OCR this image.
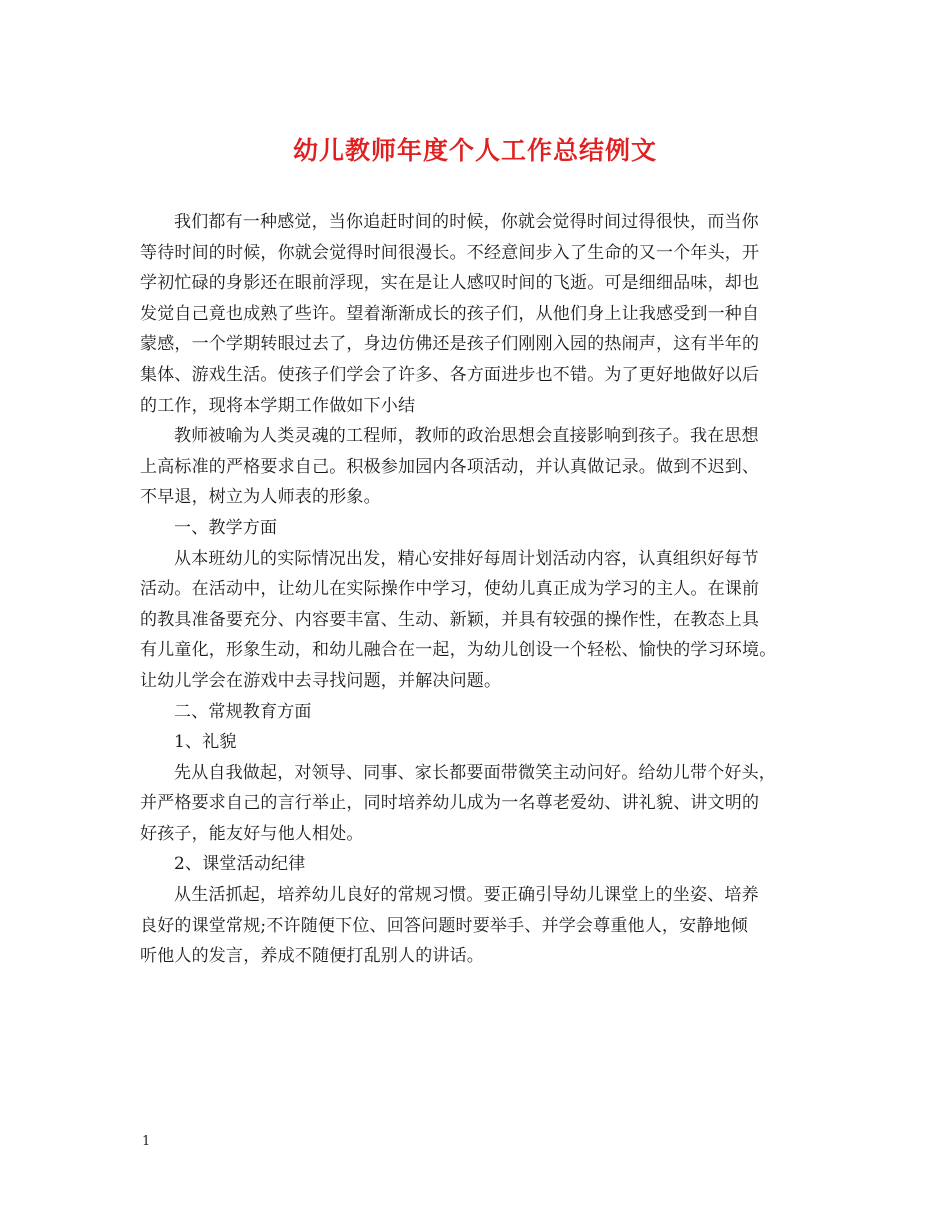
幼儿教师年度个人工作总结例文

我们都有一种感觉，当你追赶时间的时候，你就会觉得时间过得很快，而当你
等待时间的时候，你就会觉得时间很漫长。不经意间步入了生命的又一个年头，开
学初忙碌的身影还在眼前浮现，实在是让人感叹时间的飞逝。可是细细品味，却也
发觉自己竟也成熟了些许。望着渐渐成长的孩子们，从他们身上让我感受到一种自
蒙感，一个学期转眼过去了，身边仿佛还是孩子们刚刚入园的热闹声，这有半年的
集体、游戏生活。使孩子们学会了许多、各方面进步也不错。为了更好地做好以后
的工作，现将本学期工作做如下小结

教师被喻为人类灵魂的工程师，教师的政治思想会直接影响到孩子。我在思想
上高标准的严格要求自己。积极参加园内各项活动，并认真做记录。做到不迟到、
不早退，树立为人师表的形象。

一、教学方面

从本班幼儿的实际情况出发，精心安排好每周计划活动内容，认真组织好每节
活动。在活动中，让幼儿在实际操作中学习，使幼儿真正成为学习的主人。在课前
的教具准备要充分、内容要丰富、生动、新颖，并具有较强的操作性，在教态上具
有儿童化，形象生动，和幼儿融合在一起，为幼儿创设一个轻松、愉快的学习环境。
让幼儿学会在游戏中去寻找问题，并解决问题。

二、常规教育方面

1、礼貌

先从自我做起，对领导、同事、家长都要面带微笑主动问好。给幼儿带个好头，
并严格要求自己的言行举止，同时培养幼儿成为一名尊老爱幼、讲礼貌、讲文明的
好孩子，能友好与他人相处。

2、课堂活动纪律

从生活抓起，培养幼儿良好的常规习惯。要正确引导幼儿课堂上的坐姿、培养
良好的课堂常规;不许随便下位、回答问题时要举手、并学会尊重他人，安静地倾
听他人的发言，养成不随便打乱别人的讲话。

1
